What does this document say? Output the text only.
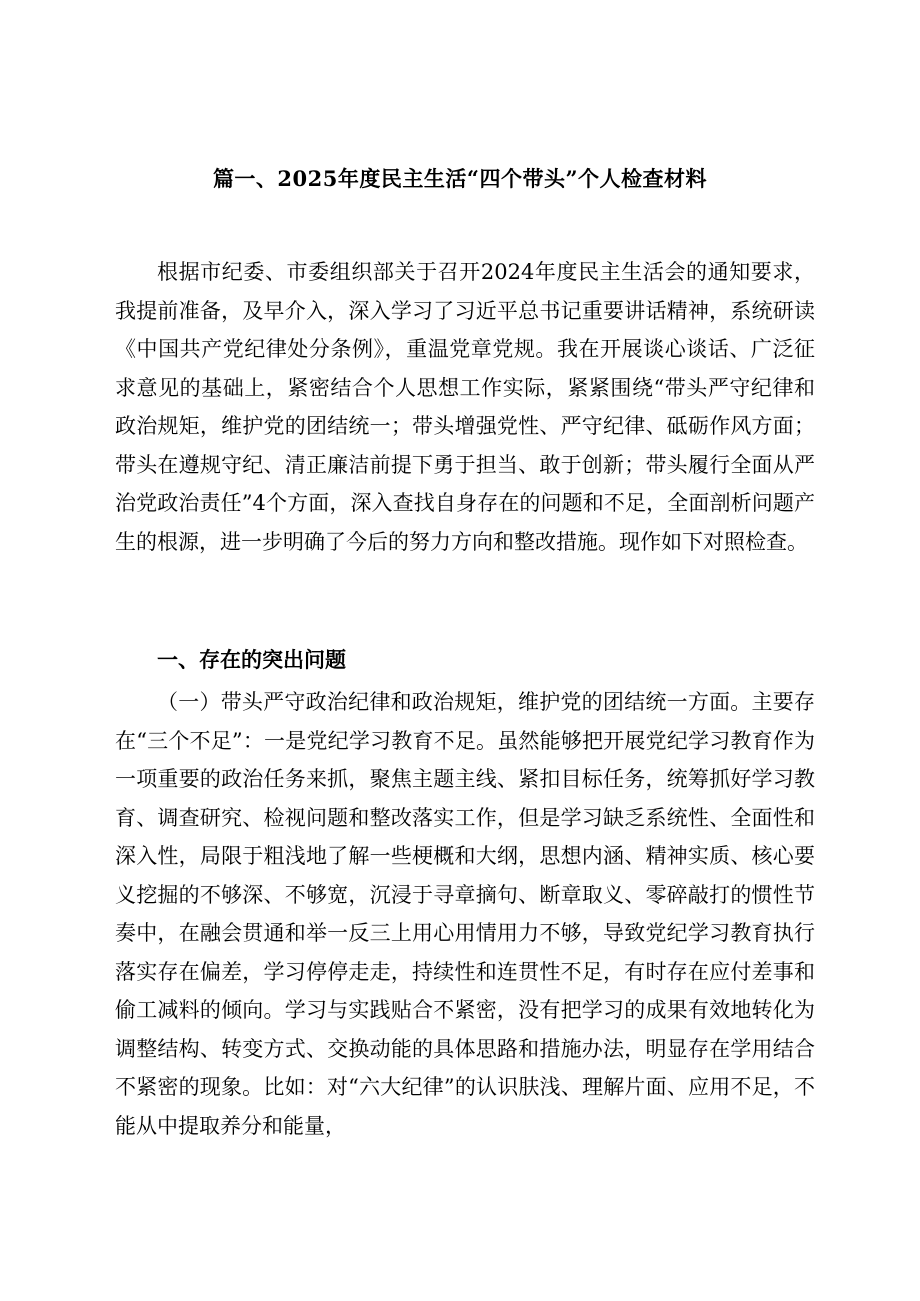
篇一、2025年度民主生活“四个带头”个人检查材料

根据市纪委、市委组织部关于召开2024年度民主生活会的通知要求，我提前准备，及早介入，深入学习了习近平总书记重要讲话精神，系统研读《中国共产党纪律处分条例》，重温党章党规。我在开展谈心谈话、广泛征求意见的基础上，紧密结合个人思想工作实际，紧紧围绕“带头严守纪律和政治规矩，维护党的团结统一；带头增强党性、严守纪律、砥砺作风方面；带头在遵规守纪、清正廉洁前提下勇于担当、敢于创新；带头履行全面从严治党政治责任”4个方面，深入查找自身存在的问题和不足，全面剖析问题产生的根源，进一步明确了今后的努力方向和整改措施。现作如下对照检查。

一、存在的突出问题

（一）带头严守政治纪律和政治规矩，维护党的团结统一方面。主要存在“三个不足”：一是党纪学习教育不足。虽然能够把开展党纪学习教育作为一项重要的政治任务来抓，聚焦主题主线、紧扣目标任务，统筹抓好学习教育、调查研究、检视问题和整改落实工作，但是学习缺乏系统性、全面性和深入性，局限于粗浅地了解一些梗概和大纲，思想内涵、精神实质、核心要义挖掘的不够深、不够宽，沉浸于寻章摘句、断章取义、零碎敲打的惯性节奏中，在融会贯通和举一反三上用心用情用力不够，导致党纪学习教育执行落实存在偏差，学习停停走走，持续性和连贯性不足，有时存在应付差事和偷工减料的倾向。学习与实践贴合不紧密，没有把学习的成果有效地转化为调整结构、转变方式、交换动能的具体思路和措施办法，明显存在学用结合不紧密的现象。比如：对“六大纪律”的认识肤浅、理解片面、应用不足，不能从中提取养分和能量，
